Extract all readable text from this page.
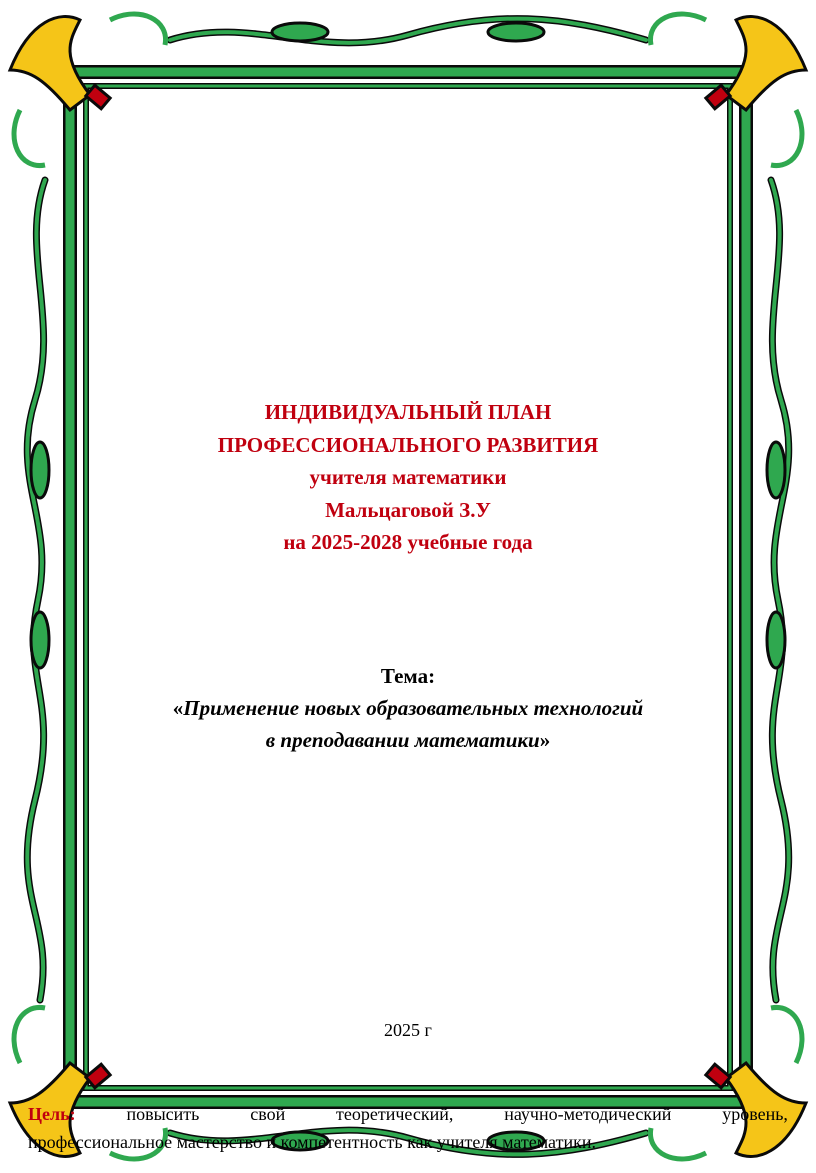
ИНДИВИДУАЛЬНЫЙ ПЛАН
ПРОФЕССИОНАЛЬНОГО РАЗВИТИЯ
учителя математики
Мальцаговой З.У
на 2025-2028 учебные года
Тема:
«Применение новых образовательных технологий
в преподавании математики»
2025 г
Цель:	повысить	свой	теоретический,	научно-методический	уровень,
профессиональное мастерство и компетентность как учителя математики.
